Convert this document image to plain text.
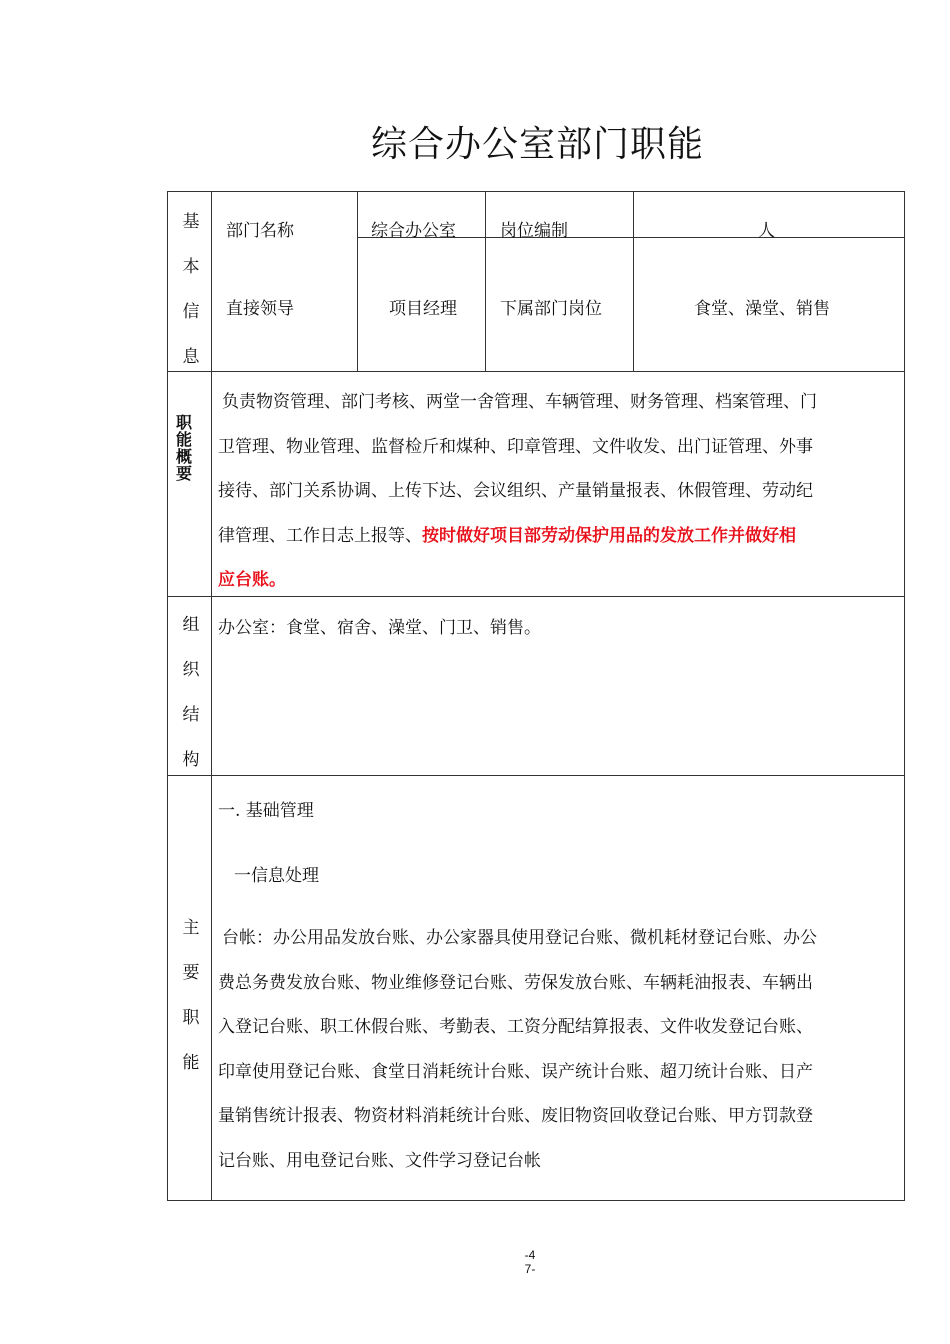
综合办公室部门职能
基
本
信
息
部门名称	综合办公室	岗位编制	人
直接领导	项目经理	下属部门岗位	食堂、澡堂、销售
职
能
概
要
负责物资管理、部门考核、两堂一舍管理、车辆管理、财务管理、档案管理、门
卫管理、物业管理、监督检斤和煤种、印章管理、文件收发、出门证管理、外事
接待、部门关系协调、上传下达、会议组织、产量销量报表、休假管理、劳动纪
律管理、工作日志上报等、按时做好项目部劳动保护用品的发放工作并做好相
应台账。
组
织
结
构
办公室：食堂、宿舍、澡堂、门卫、销售。
主
要
职
能
一. 基础管理
一信息处理
台帐：办公用品发放台账、办公家器具使用登记台账、微机耗材登记台账、办公
费总务费发放台账、物业维修登记台账、劳保发放台账、车辆耗油报表、车辆出
入登记台账、职工休假台账、考勤表、工资分配结算报表、文件收发登记台账、
印章使用登记台账、食堂日消耗统计台账、误产统计台账、超刀统计台账、日产
量销售统计报表、物资材料消耗统计台账、废旧物资回收登记台账、甲方罚款登
记台账、用电登记台账、文件学习登记台帐
-4
7-
